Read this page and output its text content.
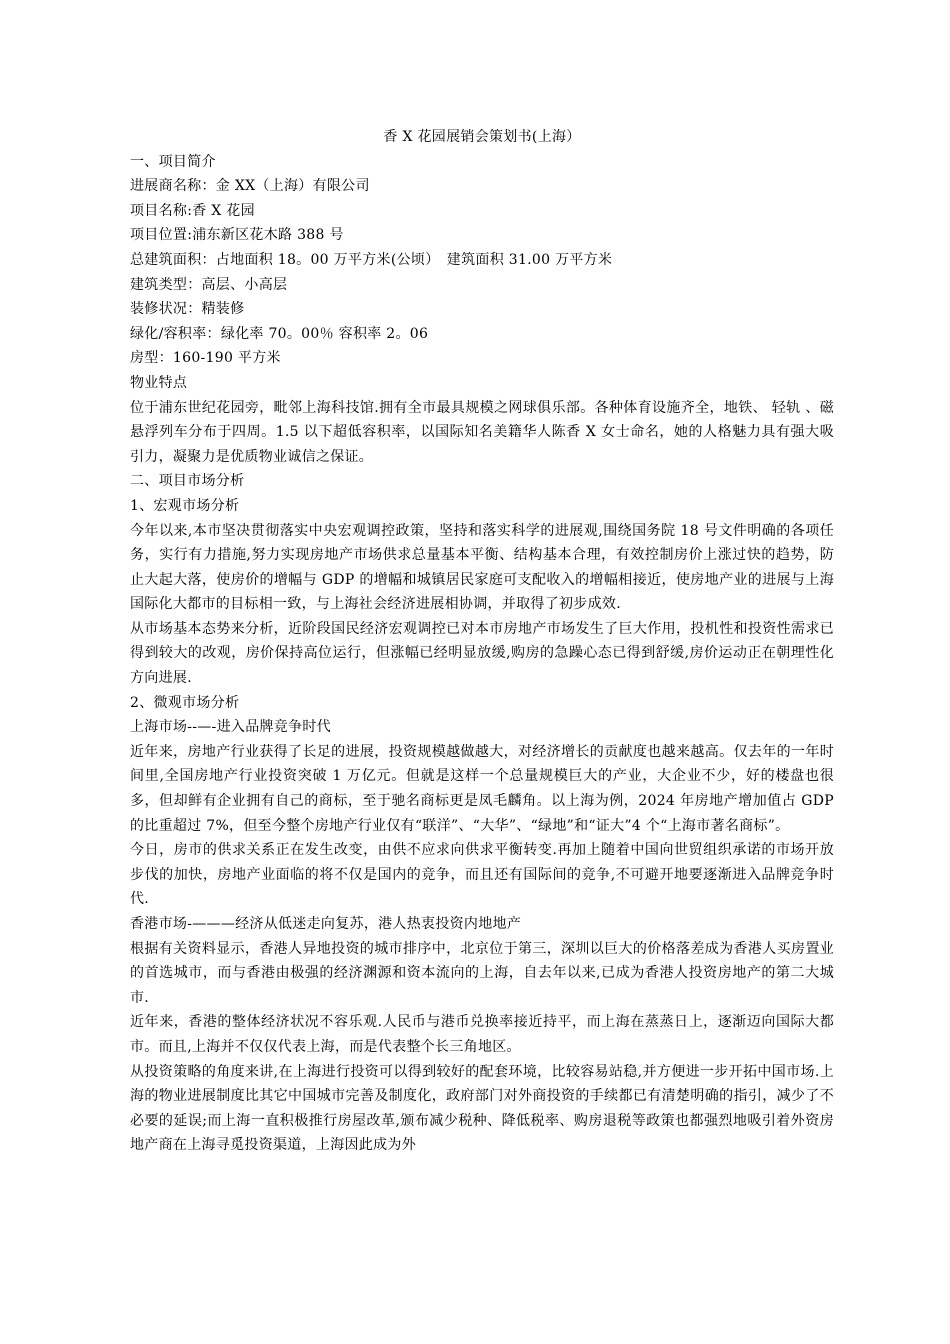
香 X 花园展销会策划书(上海）

一、项目简介

进展商名称：金 XX（上海）有限公司

项目名称:香 X 花园

项目位置:浦东新区花木路 388 号

总建筑面积：占地面积 18。00 万平方米(公顷）　建筑面积 31.00 万平方米

建筑类型：高层、小高层

装修状况：精装修

绿化/容积率：绿化率 70。00％ 容积率 2。06

房型：160-190 平方米

物业特点

位于浦东世纪花园旁，毗邻上海科技馆.拥有全市最具规模之网球俱乐部。各种体育设施齐全，地铁、 轻轨 、磁悬浮列车分布于四周。1.5 以下超低容积率，以国际知名美籍华人陈香 X 女士命名，她的人格魅力具有强大吸引力，凝聚力是优质物业诚信之保证。

二、项目市场分析

1、宏观市场分析

今年以来,本市坚决贯彻落实中央宏观调控政策，坚持和落实科学的进展观,围绕国务院 18 号文件明确的各项任务，实行有力措施,努力实现房地产市场供求总量基本平衡、结构基本合理，有效控制房价上涨过快的趋势，防止大起大落，使房价的增幅与 GDP 的增幅和城镇居民家庭可支配收入的增幅相接近，使房地产业的进展与上海国际化大都市的目标相一致，与上海社会经济进展相协调，并取得了初步成效.

从市场基本态势来分析，近阶段国民经济宏观调控已对本市房地产市场发生了巨大作用，投机性和投资性需求已得到较大的改观，房价保持高位运行，但涨幅已经明显放缓,购房的急躁心态已得到舒缓,房价运动正在朝理性化方向进展.

2、微观市场分析

上海市场--—-进入品牌竞争时代

近年来，房地产行业获得了长足的进展，投资规模越做越大，对经济增长的贡献度也越来越高。仅去年的一年时间里,全国房地产行业投资突破 1 万亿元。但就是这样一个总量规模巨大的产业，大企业不少，好的楼盘也很多，但却鲜有企业拥有自己的商标，至于驰名商标更是凤毛麟角。以上海为例，2024 年房地产增加值占 GDP 的比重超过 7%，但至今整个房地产行业仅有“联洋”、“大华”、“绿地”和“证大”4 个“上海市著名商标”。

今日，房市的供求关系正在发生改变，由供不应求向供求平衡转变.再加上随着中国向世贸组织承诺的市场开放步伐的加快，房地产业面临的将不仅是国内的竞争，而且还有国际间的竞争,不可避开地要逐渐进入品牌竞争时代.

香港市场-———经济从低迷走向复苏，港人热衷投资内地地产

根据有关资料显示，香港人异地投资的城市排序中，北京位于第三，深圳以巨大的价格落差成为香港人买房置业的首选城市，而与香港由极强的经济渊源和资本流向的上海，自去年以来,已成为香港人投资房地产的第二大城市.

近年来，香港的整体经济状况不容乐观.人民币与港币兑换率接近持平，而上海在蒸蒸日上，逐渐迈向国际大都市。而且,上海并不仅仅代表上海，而是代表整个长三角地区。

从投资策略的角度来讲,在上海进行投资可以得到较好的配套环境，比较容易站稳,并方便进一步开拓中国市场.上海的物业进展制度比其它中国城市完善及制度化，政府部门对外商投资的手续都已有清楚明确的指引，减少了不必要的延误;而上海一直积极推行房屋改革,颁布减少税种、降低税率、购房退税等政策也都强烈地吸引着外资房地产商在上海寻觅投资渠道，上海因此成为外
